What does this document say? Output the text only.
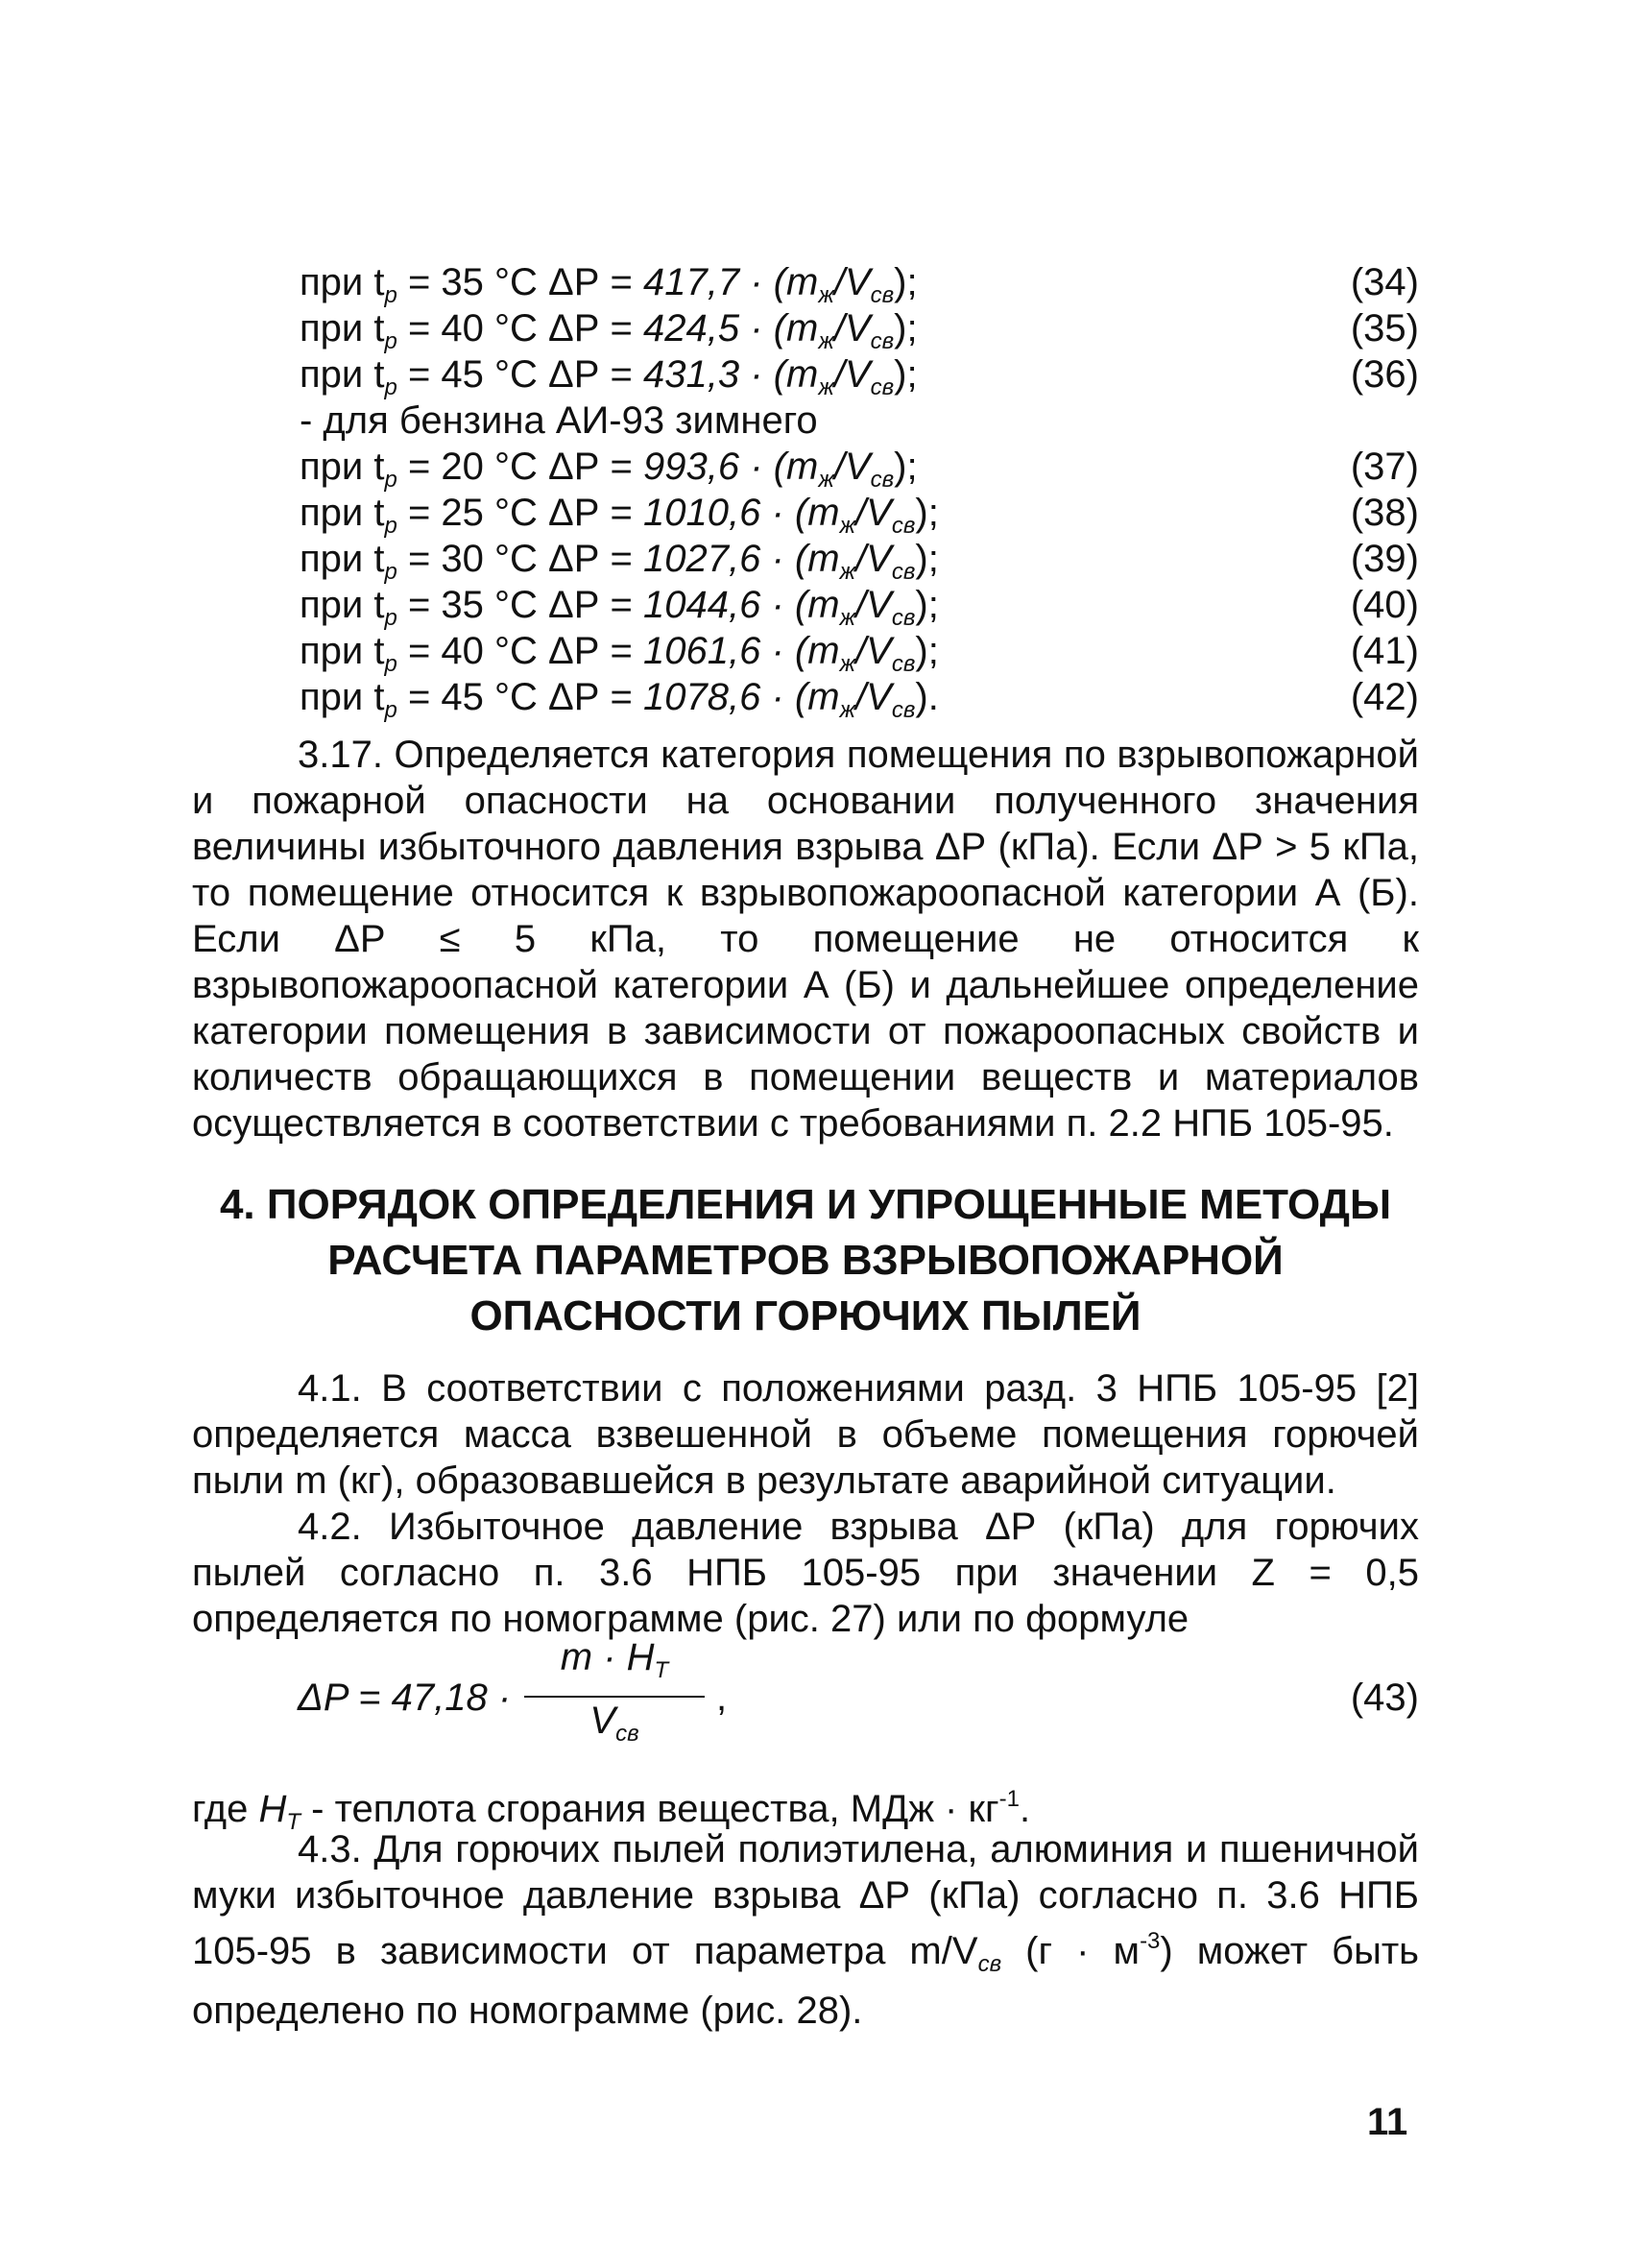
при $t_р = 35$ °С $\Delta Р = 417,7 \cdot (m_ж/V_{св})$;	(34)
при $t_р = 40$ °С $\Delta Р = 424,5 \cdot (m_ж/V_{св})$;	(35)
при $t_р = 45$ °С $\Delta Р = 431,3 \cdot (m_ж/V_{св})$;	(36)
- для бензина АИ-93 зимнего
при $t_р = 20$ °С $\Delta Р = 993,6 \cdot (m_ж/V_{св})$;	(37)
при $t_р = 25$ °С $\Delta Р = 1010,6 \cdot (m_ж/V_{св})$;	(38)
при $t_р = 30$ °С $\Delta Р = 1027,6 \cdot (m_ж/V_{св})$;	(39)
при $t_р = 35$ °С $\Delta Р = 1044,6 \cdot (m_ж/V_{св})$;	(40)
при $t_р = 40$ °С $\Delta Р = 1061,6 \cdot (m_ж/V_{св})$;	(41)
при $t_р = 45$ °С $\Delta Р = 1078,6 \cdot (m_ж/V_{св})$.	(42)

3.17. Определяется категория помещения по взрывопожарной и пожарной опасности на основании полученного значения величины избыточного давления взрыва ΔР (кПа). Если ΔР > 5 кПа, то помещение относится к взрывопожароопасной категории А (Б). Если ΔР ≤ 5 кПа, то помещение не относится к взрывопожароопасной категории А (Б) и дальнейшее определение категории помещения в зависимости от пожароопасных свойств и количеств обращающихся в помещении веществ и материалов осуществляется в соответствии с требованиями п. 2.2 НПБ 105-95.

4. ПОРЯДОК ОПРЕДЕЛЕНИЯ И УПРОЩЕННЫЕ МЕТОДЫ
РАСЧЕТА ПАРАМЕТРОВ ВЗРЫВОПОЖАРНОЙ
ОПАСНОСТИ ГОРЮЧИХ ПЫЛЕЙ

4.1. В соответствии с положениями разд. 3 НПБ 105-95 [2] определяется масса взвешенной в объеме помещения горючей пыли m (кг), образовавшейся в результате аварийной ситуации.

4.2. Избыточное давление взрыва ΔР (кПа) для горючих пылей согласно п. 3.6 НПБ 105-95 при значении Z = 0,5 определяется по номограмме (рис. 27) или по формуле

ΔP = 47,18 ·
$m \cdot H_T$
$V_{св}$
,	(43)

где $H_T$ - теплота сгорания вещества, МДж · $кг^{-1}$.

4.3. Для горючих пылей полиэтилена, алюминия и пшеничной муки избыточное давление взрыва ΔР (кПа) согласно п. 3.6 НПБ 105-95 в зависимости от параметра $m/V_{св}$ $(г \cdot м^{-3})$ может быть определено по номограмме (рис. 28).

11
